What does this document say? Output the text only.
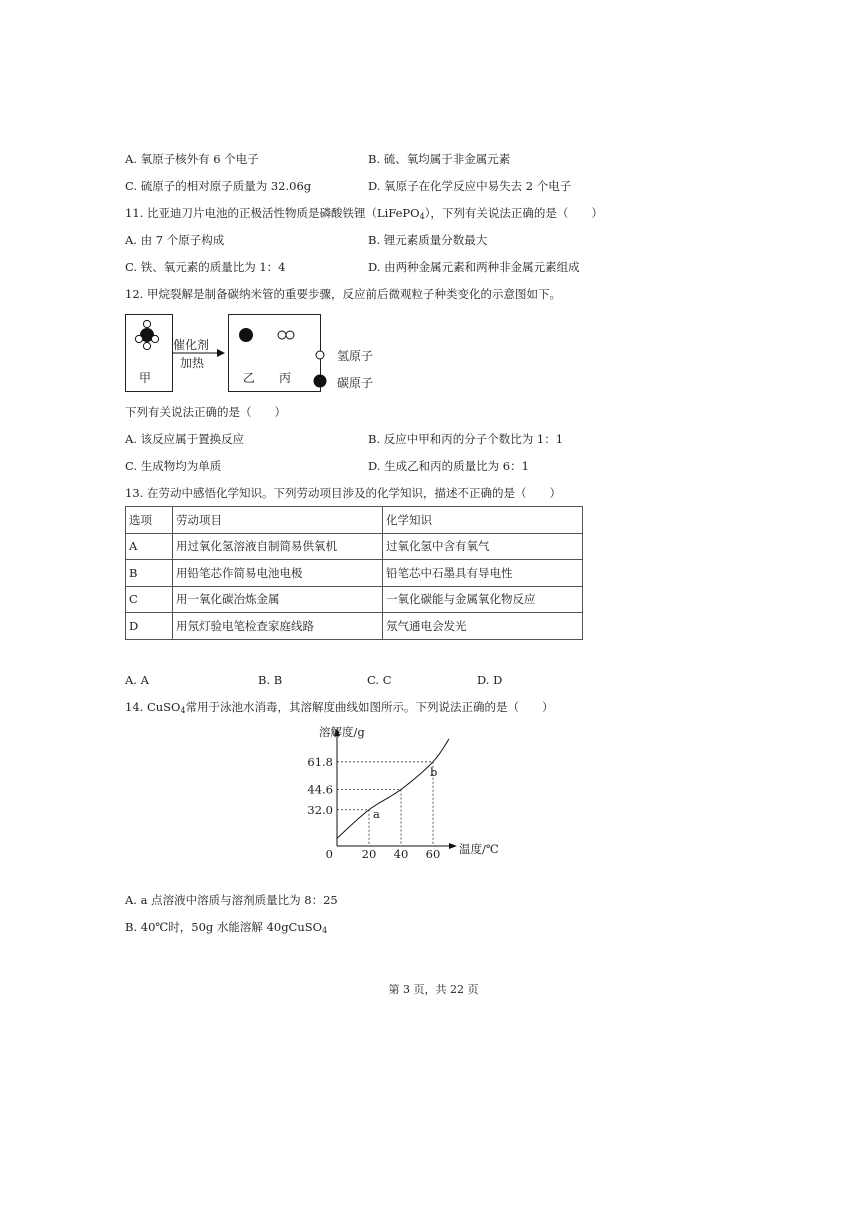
A. 氧原子核外有 6 个电子	B. 硫、氧均属于非金属元素
C. 硫原子的相对原子质量为 32.06g	D. 氧原子在化学反应中易失去 2 个电子
11. 比亚迪刀片电池的正极活性物质是磷酸铁锂（LiFePO$_4$），下列有关说法正确的是（　　）
A. 由 7 个原子构成	B. 锂元素质量分数最大
C. 铁、氧元素的质量比为 1：4	D. 由两种金属元素和两种非金属元素组成
12. 甲烷裂解是制备碳纳米管的重要步骤，反应前后微观粒子种类变化的示意图如下。
甲
催化剂
加热
乙 丙
氢原子
碳原子
下列有关说法正确的是（　　）
A. 该反应属于置换反应	B. 反应中甲和丙的分子个数比为 1：1
C. 生成物均为单质	D. 生成乙和丙的质量比为 6：1
13. 在劳动中感悟化学知识。下列劳动项目涉及的化学知识，描述不正确的是（　　）
选项	劳动项目	化学知识
A	用过氧化氢溶液自制简易供氧机	过氧化氢中含有氧气
B	用铅笔芯作简易电池电极	铅笔芯中石墨具有导电性
C	用一氧化碳冶炼金属	一氧化碳能与金属氧化物反应
D	用氖灯验电笔检查家庭线路	氖气通电会发光
A. A	B. B	C. C	D. D
14. CuSO$_4$常用于泳池水消毒，其溶解度曲线如图所示。下列说法正确的是（　　）
溶解度/g
温度/℃
0
32.0
20
a
44.6
40
61.8
60
b
A. a 点溶液中溶质与溶剂质量比为 8：25
B. 40℃时，50g 水能溶解 40gCuSO$_4$
第 3 页，共 22 页
